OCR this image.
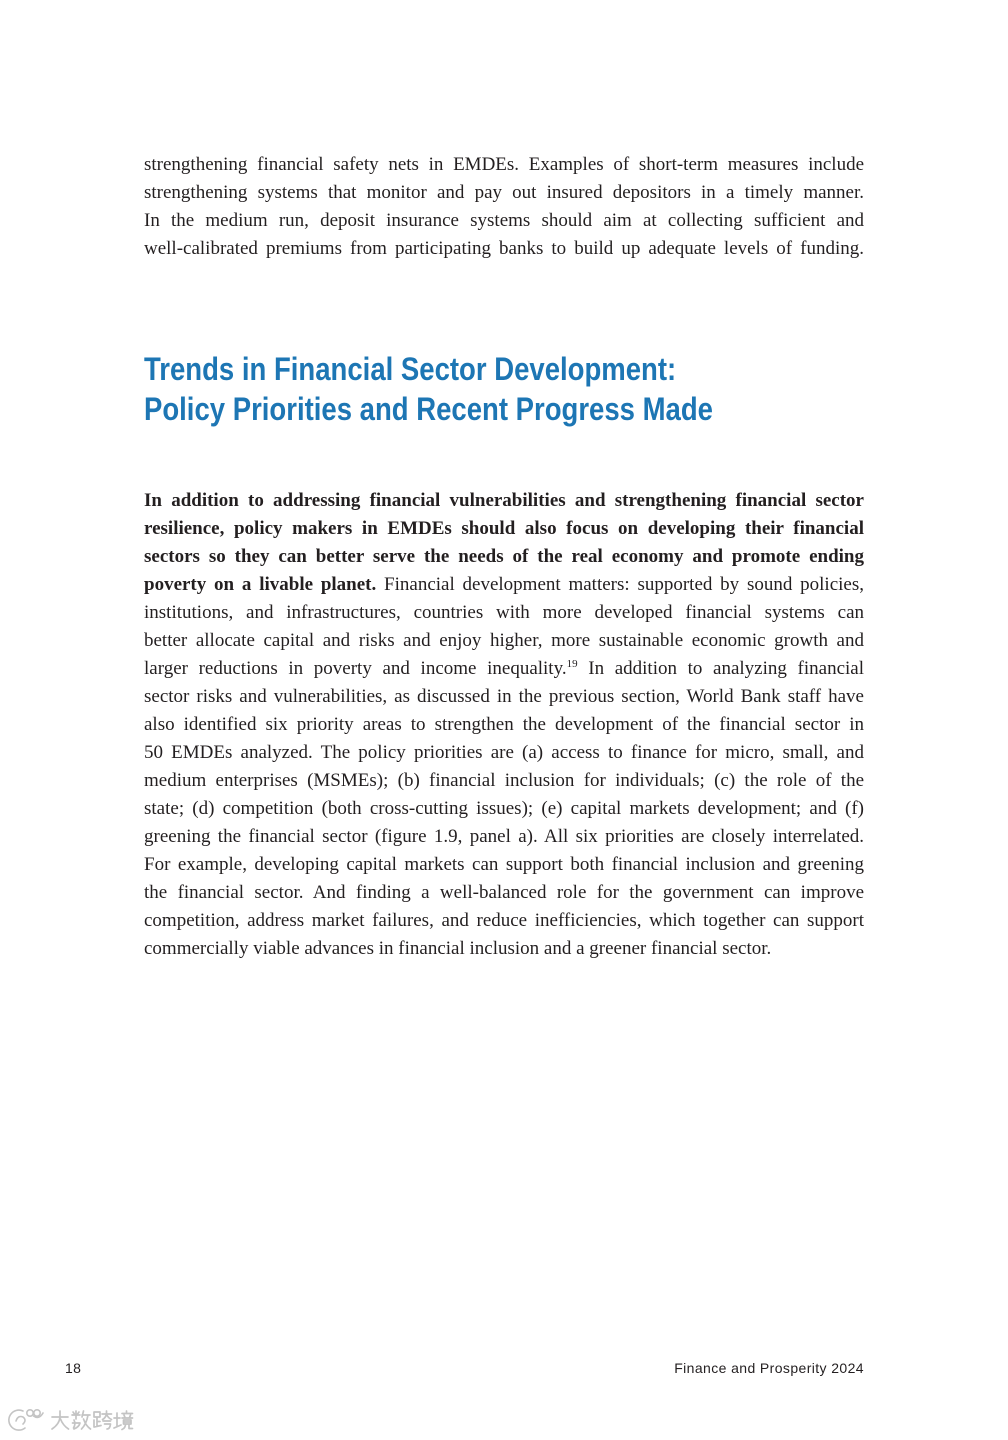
strengthening financial safety nets in EMDEs. Examples of short-term measures include
strengthening systems that monitor and pay out insured depositors in a timely manner.
In the medium run, deposit insurance systems should aim at collecting sufficient and
well-calibrated premiums from participating banks to build up adequate levels of funding.
Trends in Financial Sector Development:
Policy Priorities and Recent Progress Made
In addition to addressing financial vulnerabilities and strengthening financial sector
resilience, policy makers in EMDEs should also focus on developing their financial
sectors so they can better serve the needs of the real economy and promote ending
poverty on a livable planet. Financial development matters: supported by sound policies,
institutions, and infrastructures, countries with more developed financial systems can
better allocate capital and risks and enjoy higher, more sustainable economic growth and
larger reductions in poverty and income inequality.$^{19}$ In addition to analyzing financial
sector risks and vulnerabilities, as discussed in the previous section, World Bank staff have
also identified six priority areas to strengthen the development of the financial sector in
50 EMDEs analyzed. The policy priorities are (a) access to finance for micro, small, and
medium enterprises (MSMEs); (b) financial inclusion for individuals; (c) the role of the
state; (d) competition (both cross-cutting issues); (e) capital markets development; and (f)
greening the financial sector (figure 1.9, panel a). All six priorities are closely interrelated.
For example, developing capital markets can support both financial inclusion and greening
the financial sector. And finding a well-balanced role for the government can improve
competition, address market failures, and reduce inefficiencies, which together can support
commercially viable advances in financial inclusion and a greener financial sector.
18	Finance and Prosperity 2024
